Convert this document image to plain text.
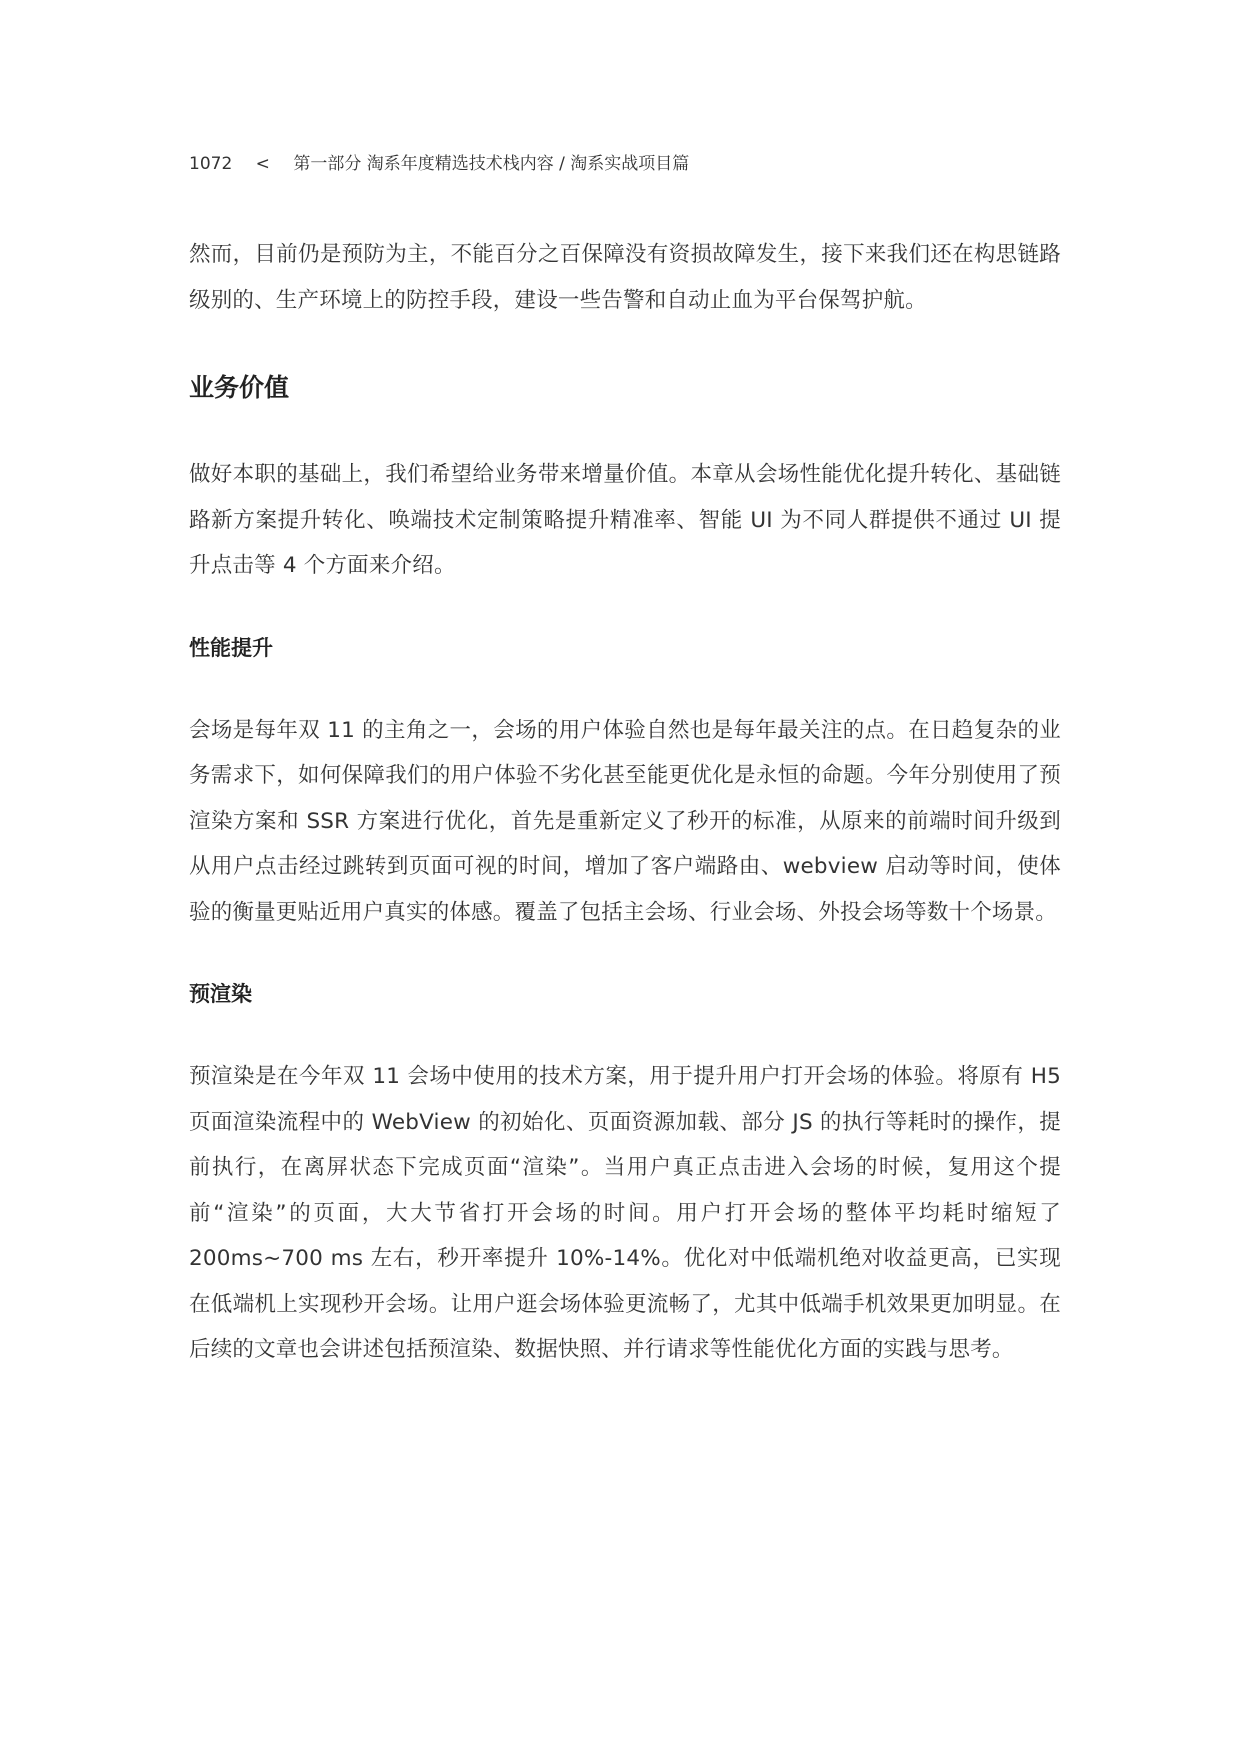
1072 < 第一部分 淘系年度精选技术栈内容 / 淘系实战项目篇

然而，目前仍是预防为主，不能百分之百保障没有资损故障发生，接下来我们还在构思链路级别的、生产环境上的防控手段，建设一些告警和自动止血为平台保驾护航。

业务价值

做好本职的基础上，我们希望给业务带来增量价值。本章从会场性能优化提升转化、基础链路新方案提升转化、唤端技术定制策略提升精准率、智能 UI 为不同人群提供不通过 UI 提升点击等 4 个方面来介绍。

性能提升

会场是每年双 11 的主角之一，会场的用户体验自然也是每年最关注的点。在日趋复杂的业务需求下，如何保障我们的用户体验不劣化甚至能更优化是永恒的命题。今年分别使用了预渲染方案和 SSR 方案进行优化，首先是重新定义了秒开的标准，从原来的前端时间升级到从用户点击经过跳转到页面可视的时间，增加了客户端路由、webview 启动等时间，使体验的衡量更贴近用户真实的体感。覆盖了包括主会场、行业会场、外投会场等数十个场景。

预渲染

预渲染是在今年双 11 会场中使用的技术方案，用于提升用户打开会场的体验。将原有 H5 页面渲染流程中的 WebView 的初始化、页面资源加载、部分 JS 的执行等耗时的操作，提前执行，在离屏状态下完成页面“渲染”。当用户真正点击进入会场的时候，复用这个提前“渲染”的页面，大大节省打开会场的时间。用户打开会场的整体平均耗时缩短了 200ms~700 ms 左右，秒开率提升 10%-14%。优化对中低端机绝对收益更高，已实现在低端机上实现秒开会场。让用户逛会场体验更流畅了，尤其中低端手机效果更加明显。在后续的文章也会讲述包括预渲染、数据快照、并行请求等性能优化方面的实践与思考。
